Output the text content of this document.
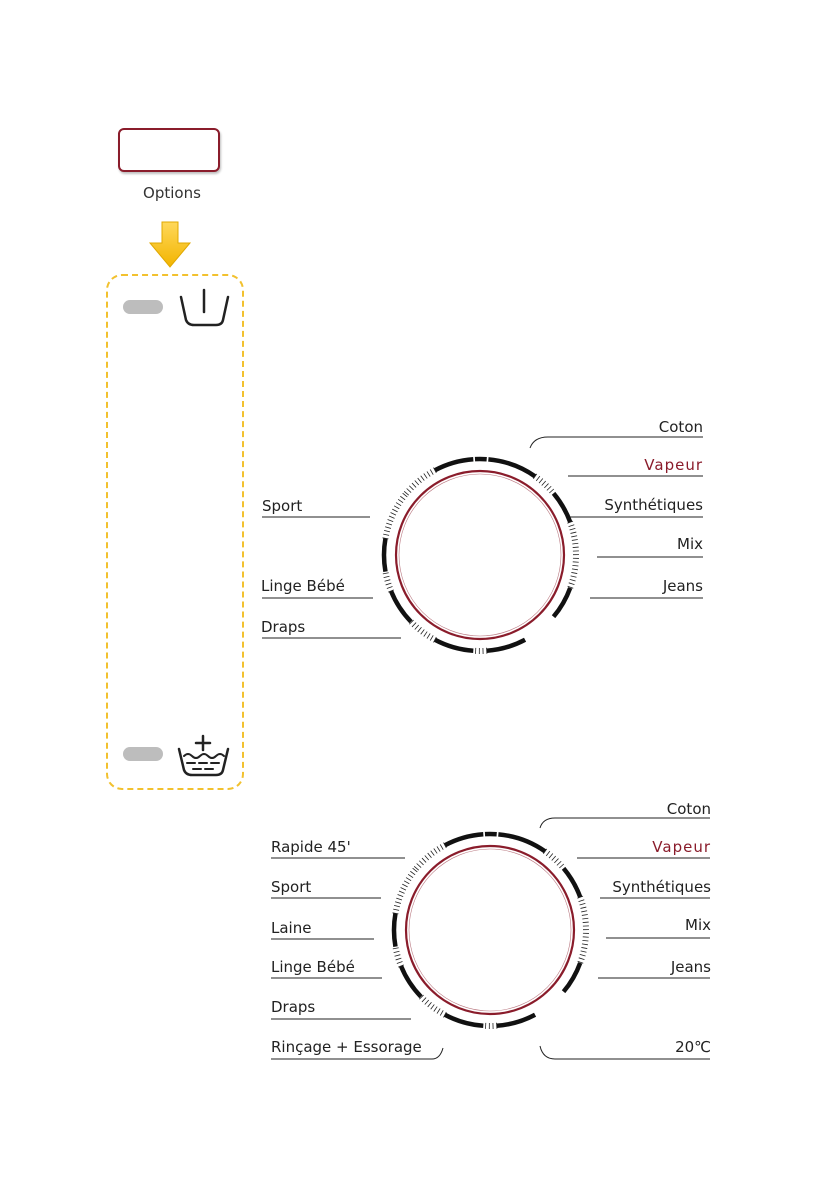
Options
Sport
Linge Bébé
Draps
Coton
Vapeur
Synthétiques
Mix
Jeans
Rapide 45'
Sport
Laine
Linge Bébé
Draps
Rinçage + Essorage
Coton
Vapeur
Synthétiques
Mix
Jeans
20℃
